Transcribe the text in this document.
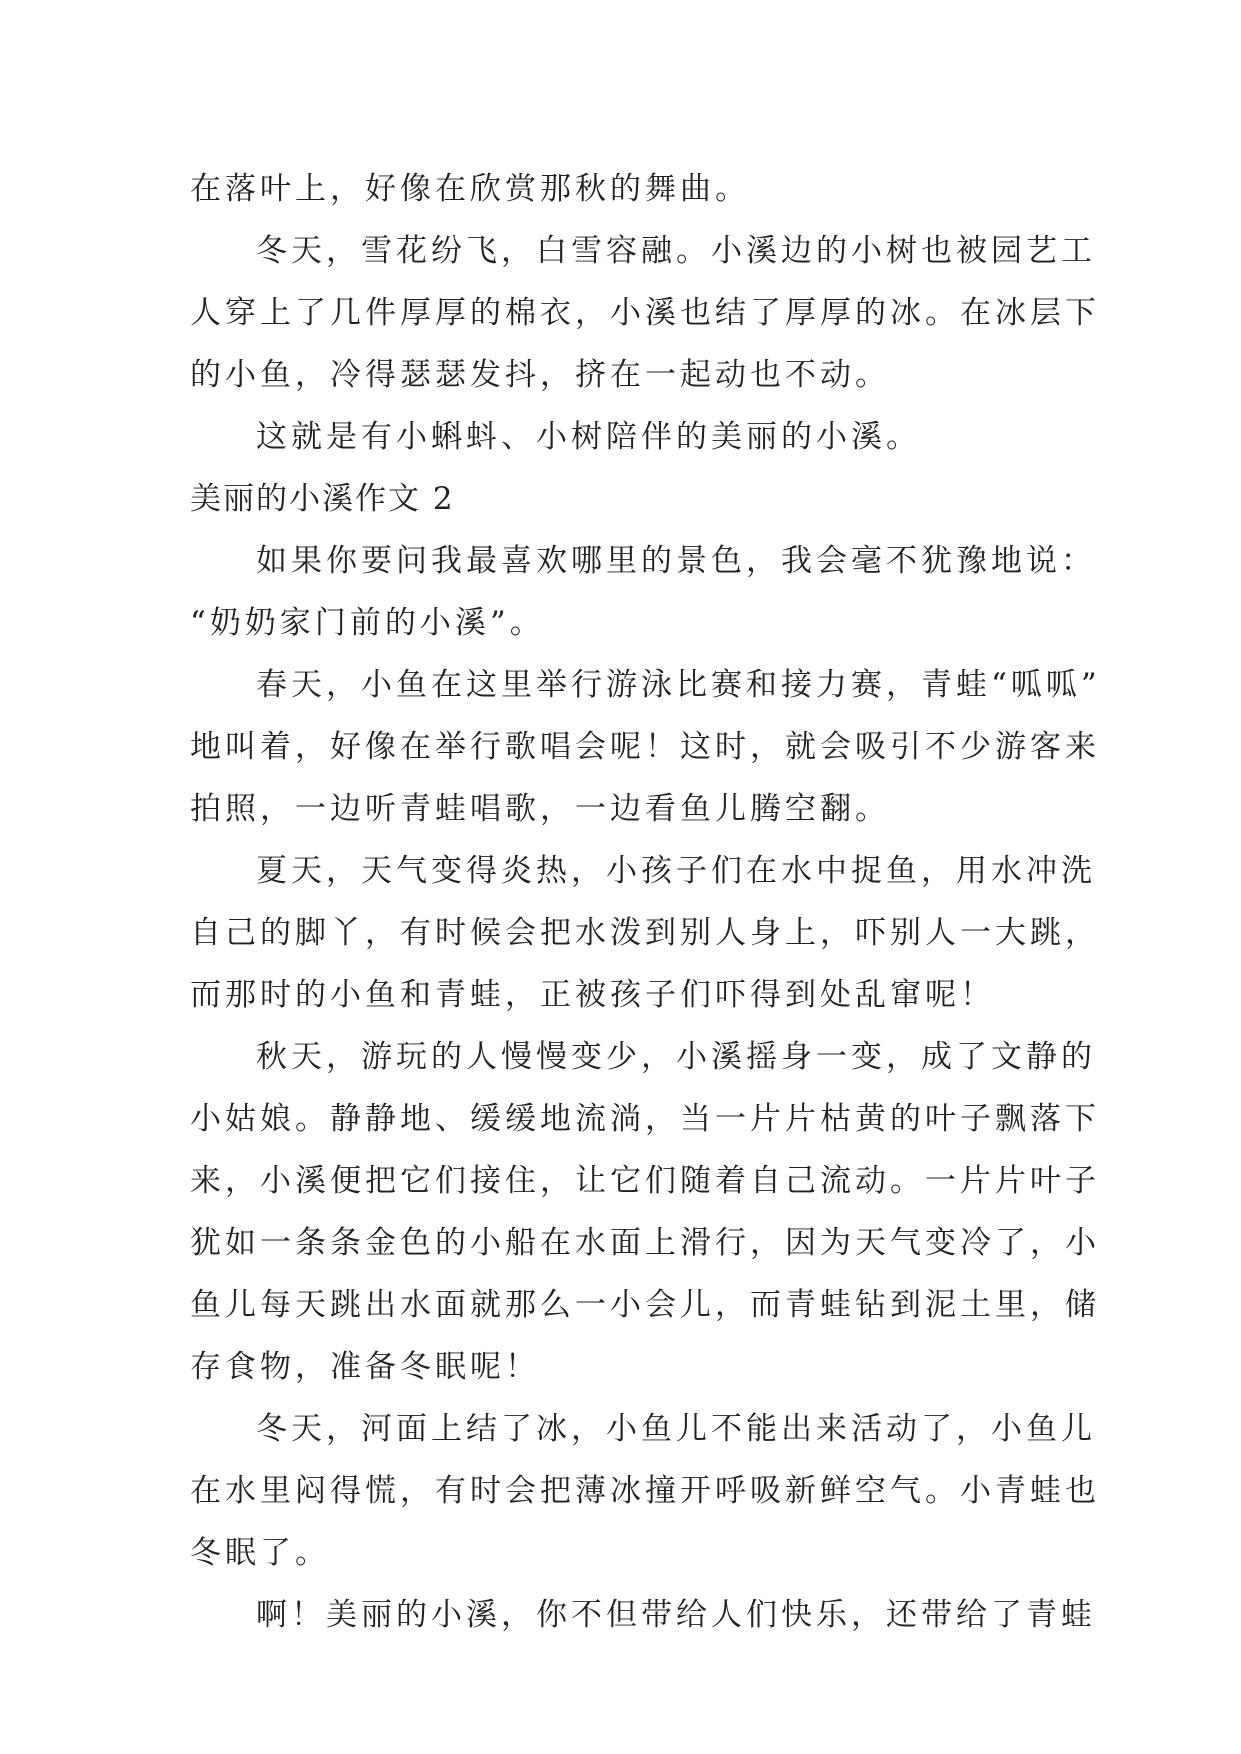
在落叶上，好像在欣赏那秋的舞曲。
冬天，雪花纷飞，白雪容融。小溪边的小树也被园艺工
人穿上了几件厚厚的棉衣，小溪也结了厚厚的冰。在冰层下
的小鱼，冷得瑟瑟发抖，挤在一起动也不动。
这就是有小蝌蚪、小树陪伴的美丽的小溪。
美丽的小溪作文 2
如果你要问我最喜欢哪里的景色，我会毫不犹豫地说：
“奶奶家门前的小溪”。
春天，小鱼在这里举行游泳比赛和接力赛，青蛙“呱呱”
地叫着，好像在举行歌唱会呢！这时，就会吸引不少游客来
拍照，一边听青蛙唱歌，一边看鱼儿腾空翻。
夏天，天气变得炎热，小孩子们在水中捉鱼，用水冲洗
自己的脚丫，有时候会把水泼到别人身上，吓别人一大跳，
而那时的小鱼和青蛙，正被孩子们吓得到处乱窜呢！
秋天，游玩的人慢慢变少，小溪摇身一变，成了文静的
小姑娘。静静地、缓缓地流淌，当一片片枯黄的叶子飘落下
来，小溪便把它们接住，让它们随着自己流动。一片片叶子
犹如一条条金色的小船在水面上滑行，因为天气变冷了，小
鱼儿每天跳出水面就那么一小会儿，而青蛙钻到泥土里，储
存食物，准备冬眠呢！
冬天，河面上结了冰，小鱼儿不能出来活动了，小鱼儿
在水里闷得慌，有时会把薄冰撞开呼吸新鲜空气。小青蛙也
冬眠了。
啊！美丽的小溪，你不但带给人们快乐，还带给了青蛙
